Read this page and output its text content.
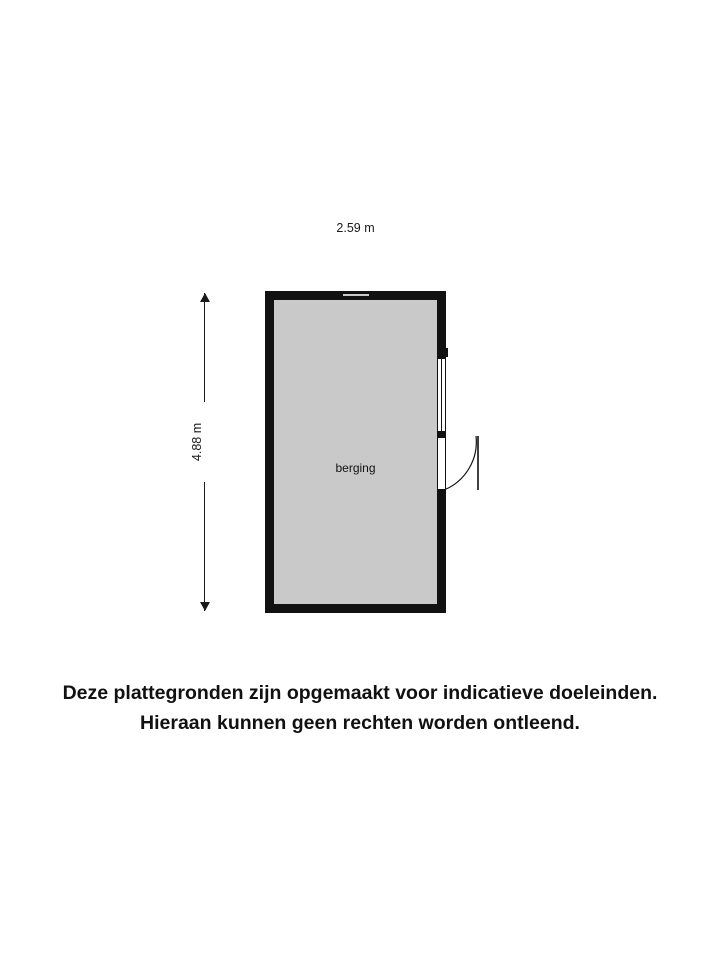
2.59 m
4.88 m
berging
Deze plattegronden zijn opgemaakt voor indicatieve doeleinden.
Hieraan kunnen geen rechten worden ontleend.
